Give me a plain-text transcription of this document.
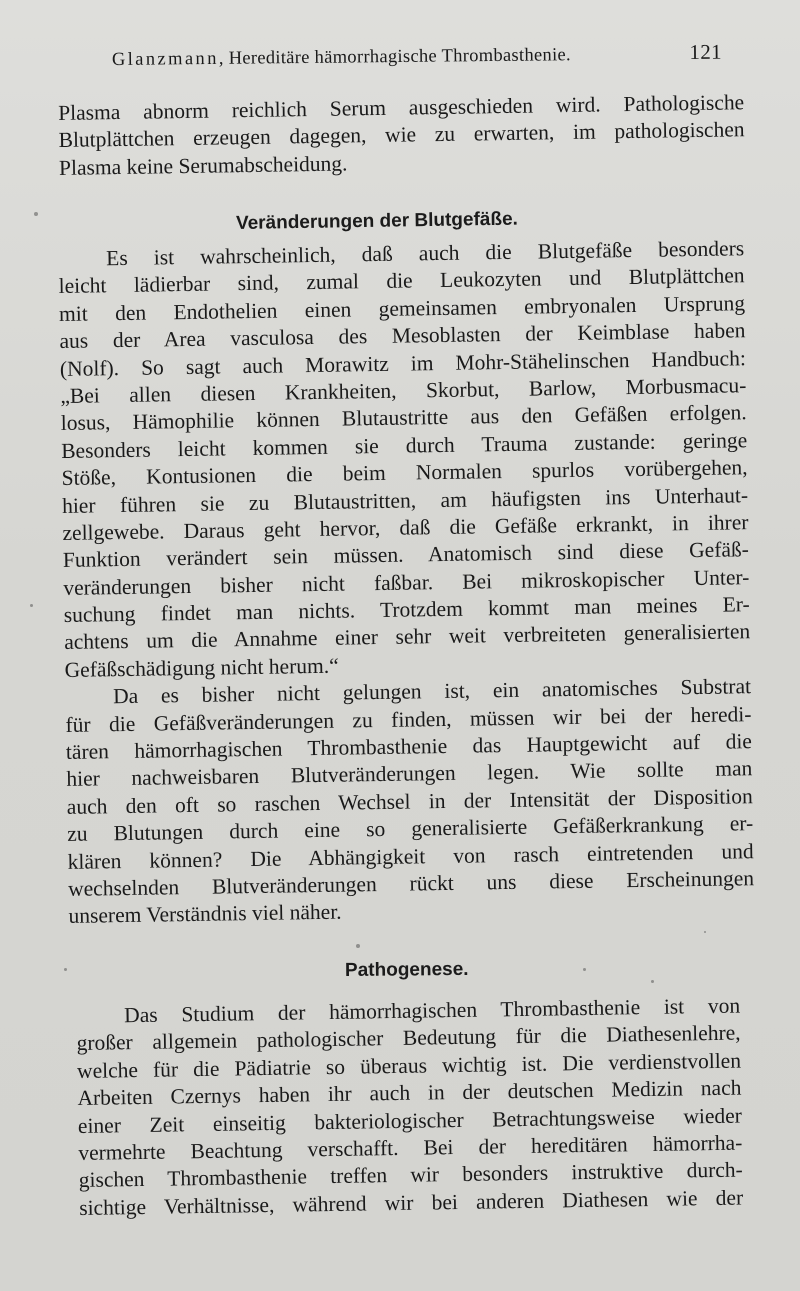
Glanzmann, Hereditäre hämorrhagische Thrombasthenie.	121
Plasma abnorm reichlich Serum ausgeschieden wird. Pathologische
Blutplättchen erzeugen dagegen, wie zu erwarten, im pathologischen
Plasma keine Serumabscheidung.
Veränderungen der Blutgefäße.
Es ist wahrscheinlich, daß auch die Blutgefäße besonders
leicht lädierbar sind, zumal die Leukozyten und Blutplättchen
mit den Endothelien einen gemeinsamen embryonalen Ursprung
aus der Area vasculosa des Mesoblasten der Keimblase haben
(Nolf). So sagt auch Morawitz im Mohr-Stähelinschen Handbuch:
„Bei allen diesen Krankheiten, Skorbut, Barlow, Morbusmacu-
losus, Hämophilie können Blutaustritte aus den Gefäßen erfolgen.
Besonders leicht kommen sie durch Trauma zustande: geringe
Stöße, Kontusionen die beim Normalen spurlos vorübergehen,
hier führen sie zu Blutaustritten, am häufigsten ins Unterhaut-
zellgewebe. Daraus geht hervor, daß die Gefäße erkrankt, in ihrer
Funktion verändert sein müssen. Anatomisch sind diese Gefäß-
veränderungen bisher nicht faßbar. Bei mikroskopischer Unter-
suchung findet man nichts. Trotzdem kommt man meines Er-
achtens um die Annahme einer sehr weit verbreiteten generalisierten
Gefäßschädigung nicht herum.“
Da es bisher nicht gelungen ist, ein anatomisches Substrat
für die Gefäßveränderungen zu finden, müssen wir bei der heredi-
tären hämorrhagischen Thrombasthenie das Hauptgewicht auf die
hier nachweisbaren Blutveränderungen legen. Wie sollte man
auch den oft so raschen Wechsel in der Intensität der Disposition
zu Blutungen durch eine so generalisierte Gefäßerkrankung er-
klären können? Die Abhängigkeit von rasch eintretenden und
wechselnden Blutveränderungen rückt uns diese Erscheinungen
unserem Verständnis viel näher.
Pathogenese.
Das Studium der hämorrhagischen Thrombasthenie ist von
großer allgemein pathologischer Bedeutung für die Diathesenlehre,
welche für die Pädiatrie so überaus wichtig ist. Die verdienstvollen
Arbeiten Czernys haben ihr auch in der deutschen Medizin nach
einer Zeit einseitig bakteriologischer Betrachtungsweise wieder
vermehrte Beachtung verschafft. Bei der hereditären hämorrha-
gischen Thrombasthenie treffen wir besonders instruktive durch-
sichtige Verhältnisse, während wir bei anderen Diathesen wie der
